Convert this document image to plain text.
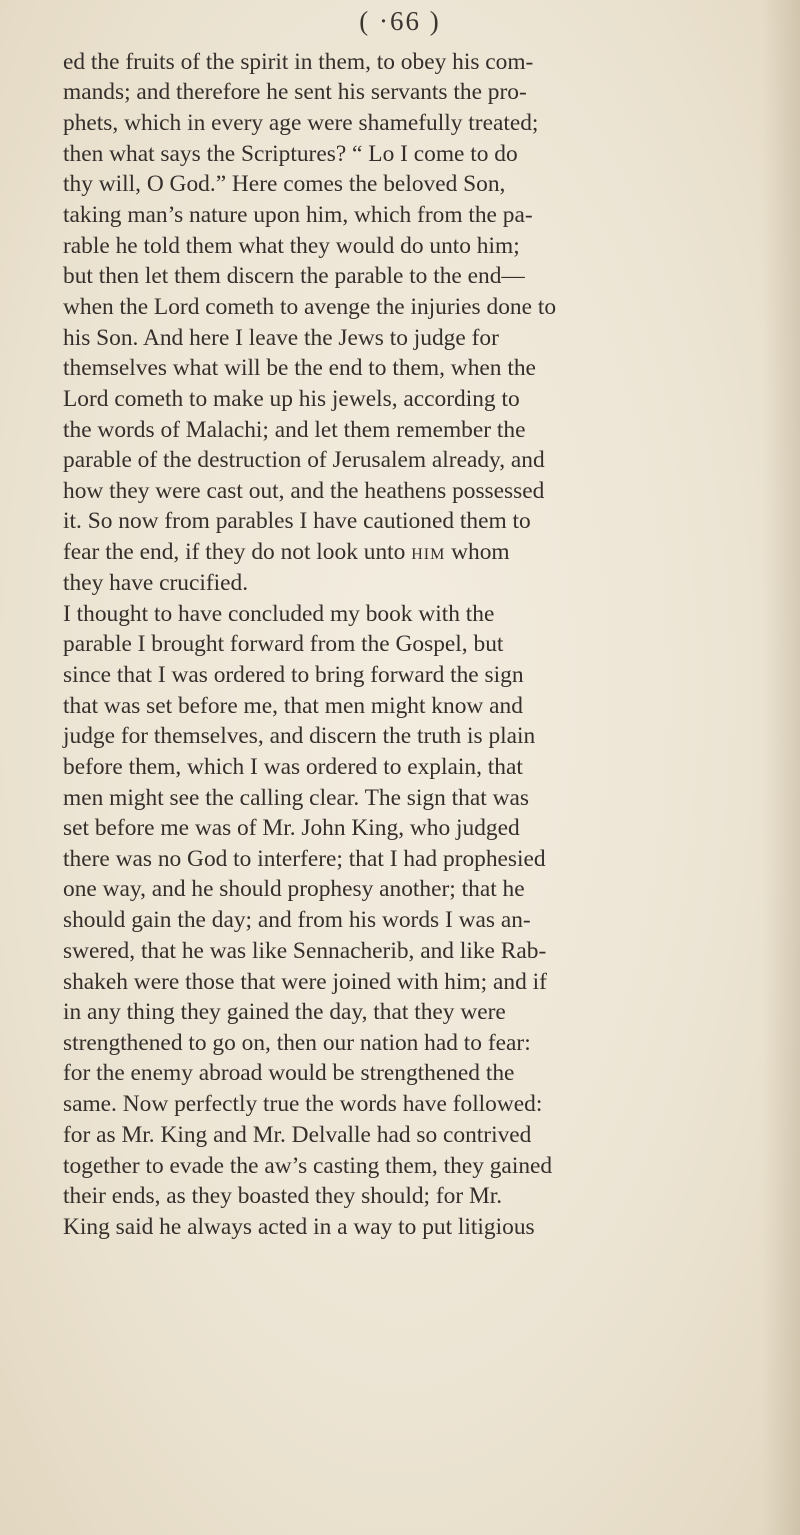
( ·66 )
ed the fruits of the spirit in them, to obey his com-
mands; and therefore he sent his servants the pro-
phets, which in every age were shamefully treated;
then what says the Scriptures? “ Lo I come to do
thy will, O God.” Here comes the beloved Son,
taking man’s nature upon him, which from the pa-
rable he told them what they would do unto him;
but then let them discern the parable to the end—
when the Lord cometh to avenge the injuries done to
his Son. And here I leave the Jews to judge for
themselves what will be the end to them, when the
Lord cometh to make up his jewels, according to
the words of Malachi; and let them remember the
parable of the destruction of Jerusalem already, and
how they were cast out, and the heathens possessed
it. So now from parables I have cautioned them to
fear the end, if they do not look unto him whom
they have crucified.
I thought to have concluded my book with the
parable I brought forward from the Gospel, but
since that I was ordered to bring forward the sign
that was set before me, that men might know and
judge for themselves, and discern the truth is plain
before them, which I was ordered to explain, that
men might see the calling clear. The sign that was
set before me was of Mr. John King, who judged
there was no God to interfere; that I had prophesied
one way, and he should prophesy another; that he
should gain the day; and from his words I was an-
swered, that he was like Sennacherib, and like Rab-
shakeh were those that were joined with him; and if
in any thing they gained the day, that they were
strengthened to go on, then our nation had to fear:
for the enemy abroad would be strengthened the
same. Now perfectly true the words have followed:
for as Mr. King and Mr. Delvalle had so contrived
together to evade the aw’s casting them, they gained
their ends, as they boasted they should; for Mr.
King said he always acted in a way to put litigious
